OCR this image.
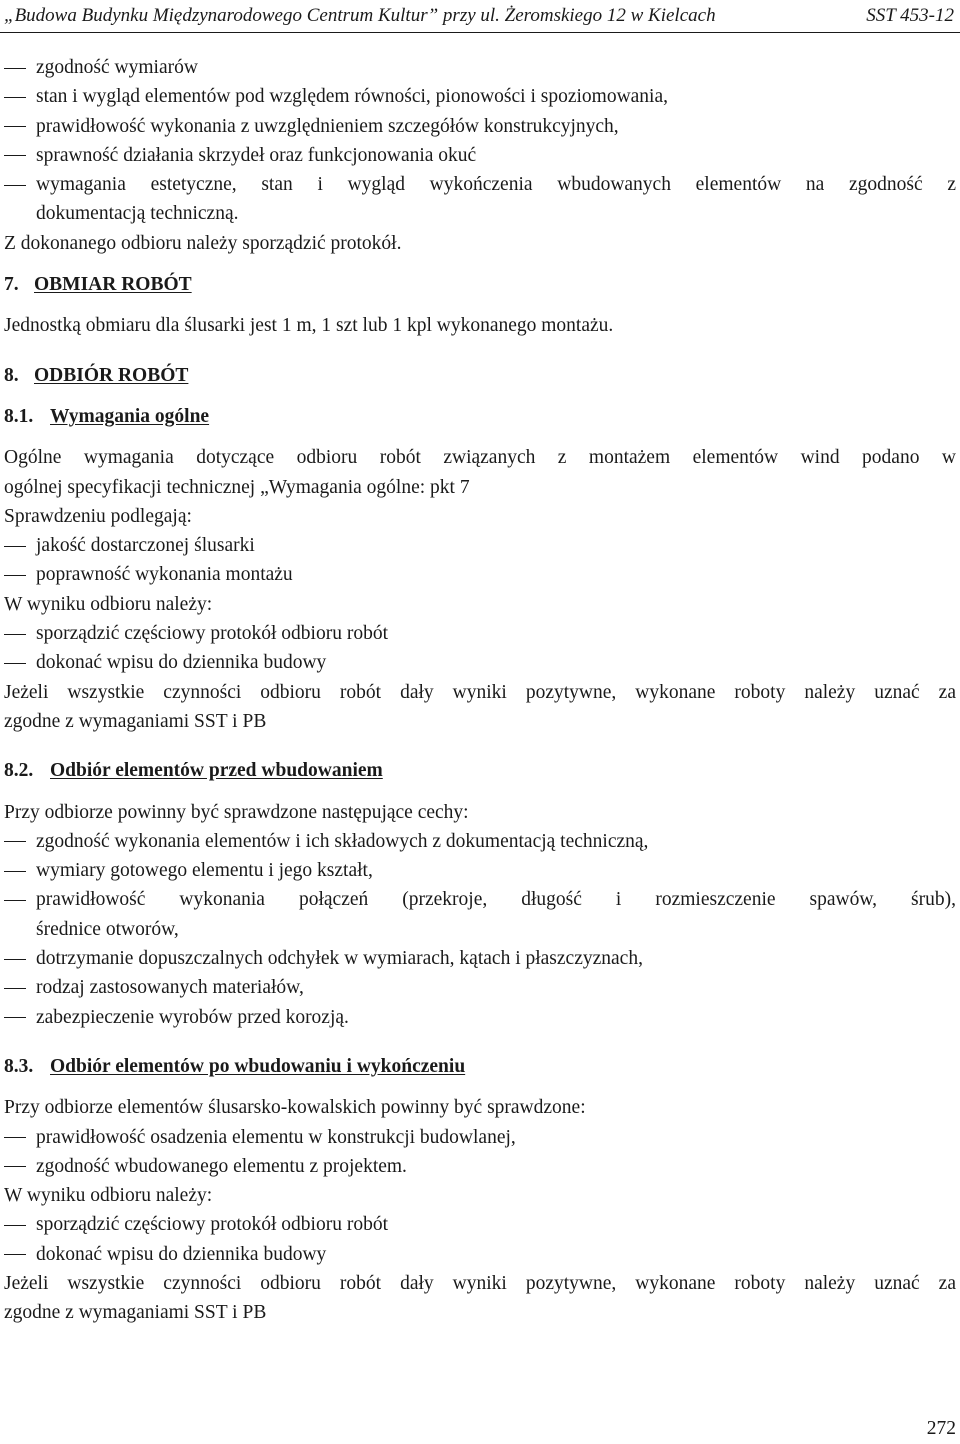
„Budowa Budynku Międzynarodowego Centrum Kultur” przy ul. Żeromskiego 12 w Kielcach	SST 453-12
zgodność wymiarów
stan i wygląd elementów pod względem równości, pionowości i spoziomowania,
prawidłowość wykonania z uwzględnieniem szczegółów konstrukcyjnych,
sprawność działania skrzydeł oraz funkcjonowania okuć
wymagania estetyczne, stan i wygląd wykończenia wbudowanych elementów na zgodność z
dokumentacją techniczną.
Z dokonanego odbioru należy sporządzić protokół.
7. OBMIAR ROBÓT
Jednostką obmiaru dla ślusarki jest 1 m, 1 szt lub 1 kpl wykonanego montażu.
8. ODBIÓR ROBÓT
8.1. Wymagania ogólne
Ogólne wymagania dotyczące odbioru robót związanych z montażem elementów wind podano w
ogólnej specyfikacji technicznej „Wymagania ogólne: pkt 7
Sprawdzeniu podlegają:
jakość dostarczonej ślusarki
poprawność wykonania montażu
W wyniku odbioru należy:
sporządzić częściowy protokół odbioru robót
dokonać wpisu do dziennika budowy
Jeżeli wszystkie czynności odbioru robót dały wyniki pozytywne, wykonane roboty należy uznać za
zgodne z wymaganiami SST i PB
8.2. Odbiór elementów przed wbudowaniem
Przy odbiorze powinny być sprawdzone następujące cechy:
zgodność wykonania elementów i ich składowych z dokumentacją techniczną,
wymiary gotowego elementu i jego kształt,
prawidłowość wykonania połączeń (przekroje, długość i rozmieszczenie spawów, śrub),
średnice otworów,
dotrzymanie dopuszczalnych odchyłek w wymiarach, kątach i płaszczyznach,
rodzaj zastosowanych materiałów,
zabezpieczenie wyrobów przed korozją.
8.3. Odbiór elementów po wbudowaniu i wykończeniu
Przy odbiorze elementów ślusarsko-kowalskich powinny być sprawdzone:
prawidłowość osadzenia elementu w konstrukcji budowlanej,
zgodność wbudowanego elementu z projektem.
W wyniku odbioru należy:
sporządzić częściowy protokół odbioru robót
dokonać wpisu do dziennika budowy
Jeżeli wszystkie czynności odbioru robót dały wyniki pozytywne, wykonane roboty należy uznać za
zgodne z wymaganiami SST i PB
272
